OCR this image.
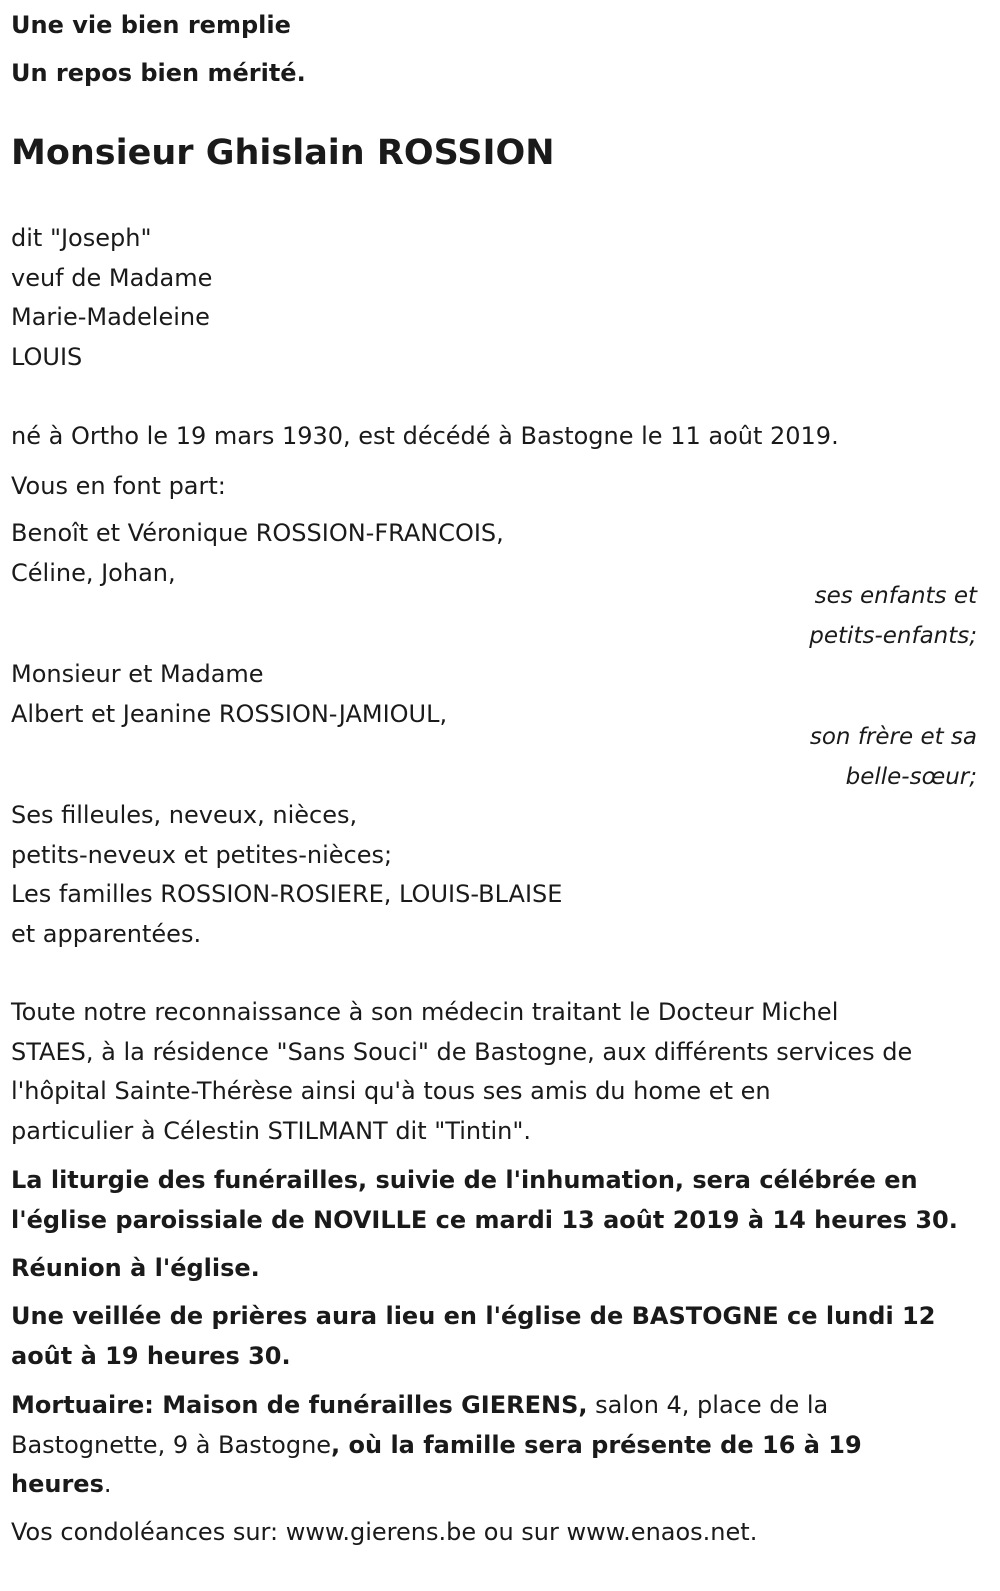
Une vie bien remplie
Un repos bien mérité.
Monsieur Ghislain ROSSION
dit "Joseph"
veuf de Madame
Marie-Madeleine
LOUIS
né à Ortho le 19 mars 1930, est décédé à Bastogne le 11 août 2019.
Vous en font part:
Benoît et Véronique ROSSION-FRANCOIS,
Céline, Johan,
ses enfants et
petits-enfants;
Monsieur et Madame
Albert et Jeanine ROSSION-JAMIOUL,
son frère et sa
belle-sœur;
Ses filleules, neveux, nièces,
petits-neveux et petites-nièces;
Les familles ROSSION-ROSIERE, LOUIS-BLAISE
et apparentées.
Toute notre reconnaissance à son médecin traitant le Docteur Michel
STAES, à la résidence "Sans Souci" de Bastogne, aux différents services de
l'hôpital Sainte-Thérèse ainsi qu'à tous ses amis du home et en
particulier à Célestin STILMANT dit "Tintin".
La liturgie des funérailles, suivie de l'inhumation, sera célébrée en
l'église paroissiale de NOVILLE ce mardi 13 août 2019 à 14 heures 30.
Réunion à l'église.
Une veillée de prières aura lieu en l'église de BASTOGNE ce lundi 12
août à 19 heures 30.
Mortuaire: Maison de funérailles GIERENS, salon 4, place de la
Bastognette, 9 à Bastogne, où la famille sera présente de 16 à 19
heures.
Vos condoléances sur: www.gierens.be ou sur www.enaos.net.
